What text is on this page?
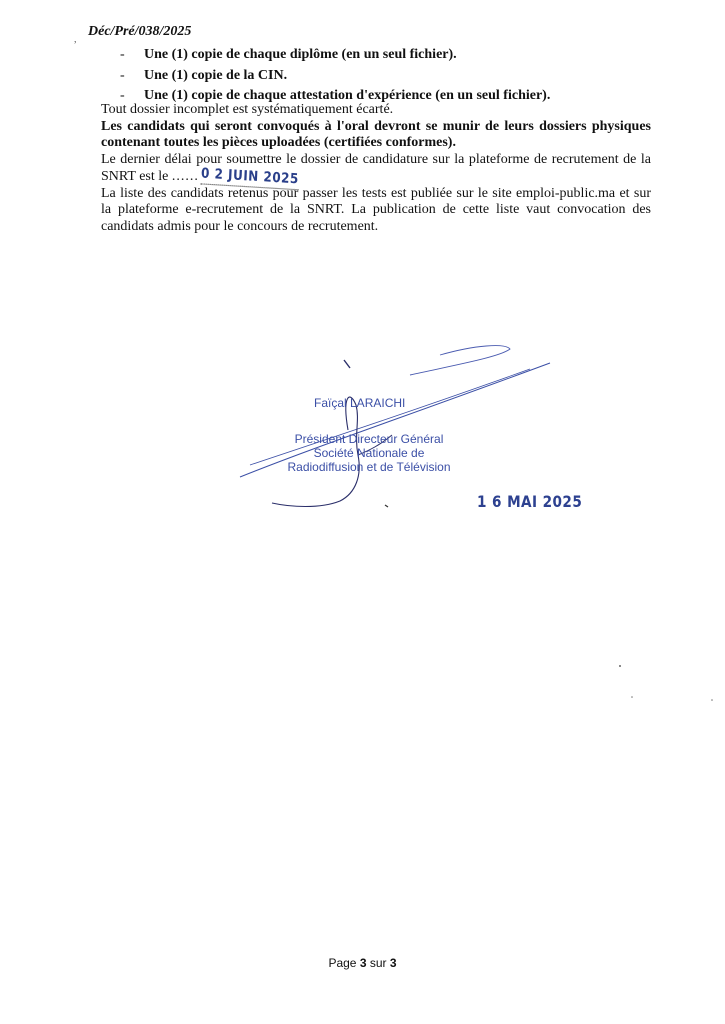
,
Déc/Pré/038/2025
- Une (1) copie de chaque diplôme (en un seul fichier).
- Une (1) copie de la CIN.
- Une (1) copie de chaque attestation d'expérience (en un seul fichier).

Tout dossier incomplet est systématiquement écarté.

Les candidats qui seront convoqués à l'oral devront se munir de leurs dossiers physiques contenant toutes les pièces uploadées (certifiées conformes).

Le dernier délai pour soumettre le dossier de candidature sur la plateforme de recrutement de la SNRT est le ...... 0 2 JUIN 2025

La liste des candidats retenus pour passer les tests est publiée sur le site emploi-public.ma et sur la plateforme e-recrutement de la SNRT. La publication de cette liste vaut convocation des candidats admis pour le concours de recrutement.

Faïçal LARAICHI
Président Directeur Général
Société Nationale de
Radiodiffusion et de Télévision
1 6 MAI 2025
Page 3 sur 3
